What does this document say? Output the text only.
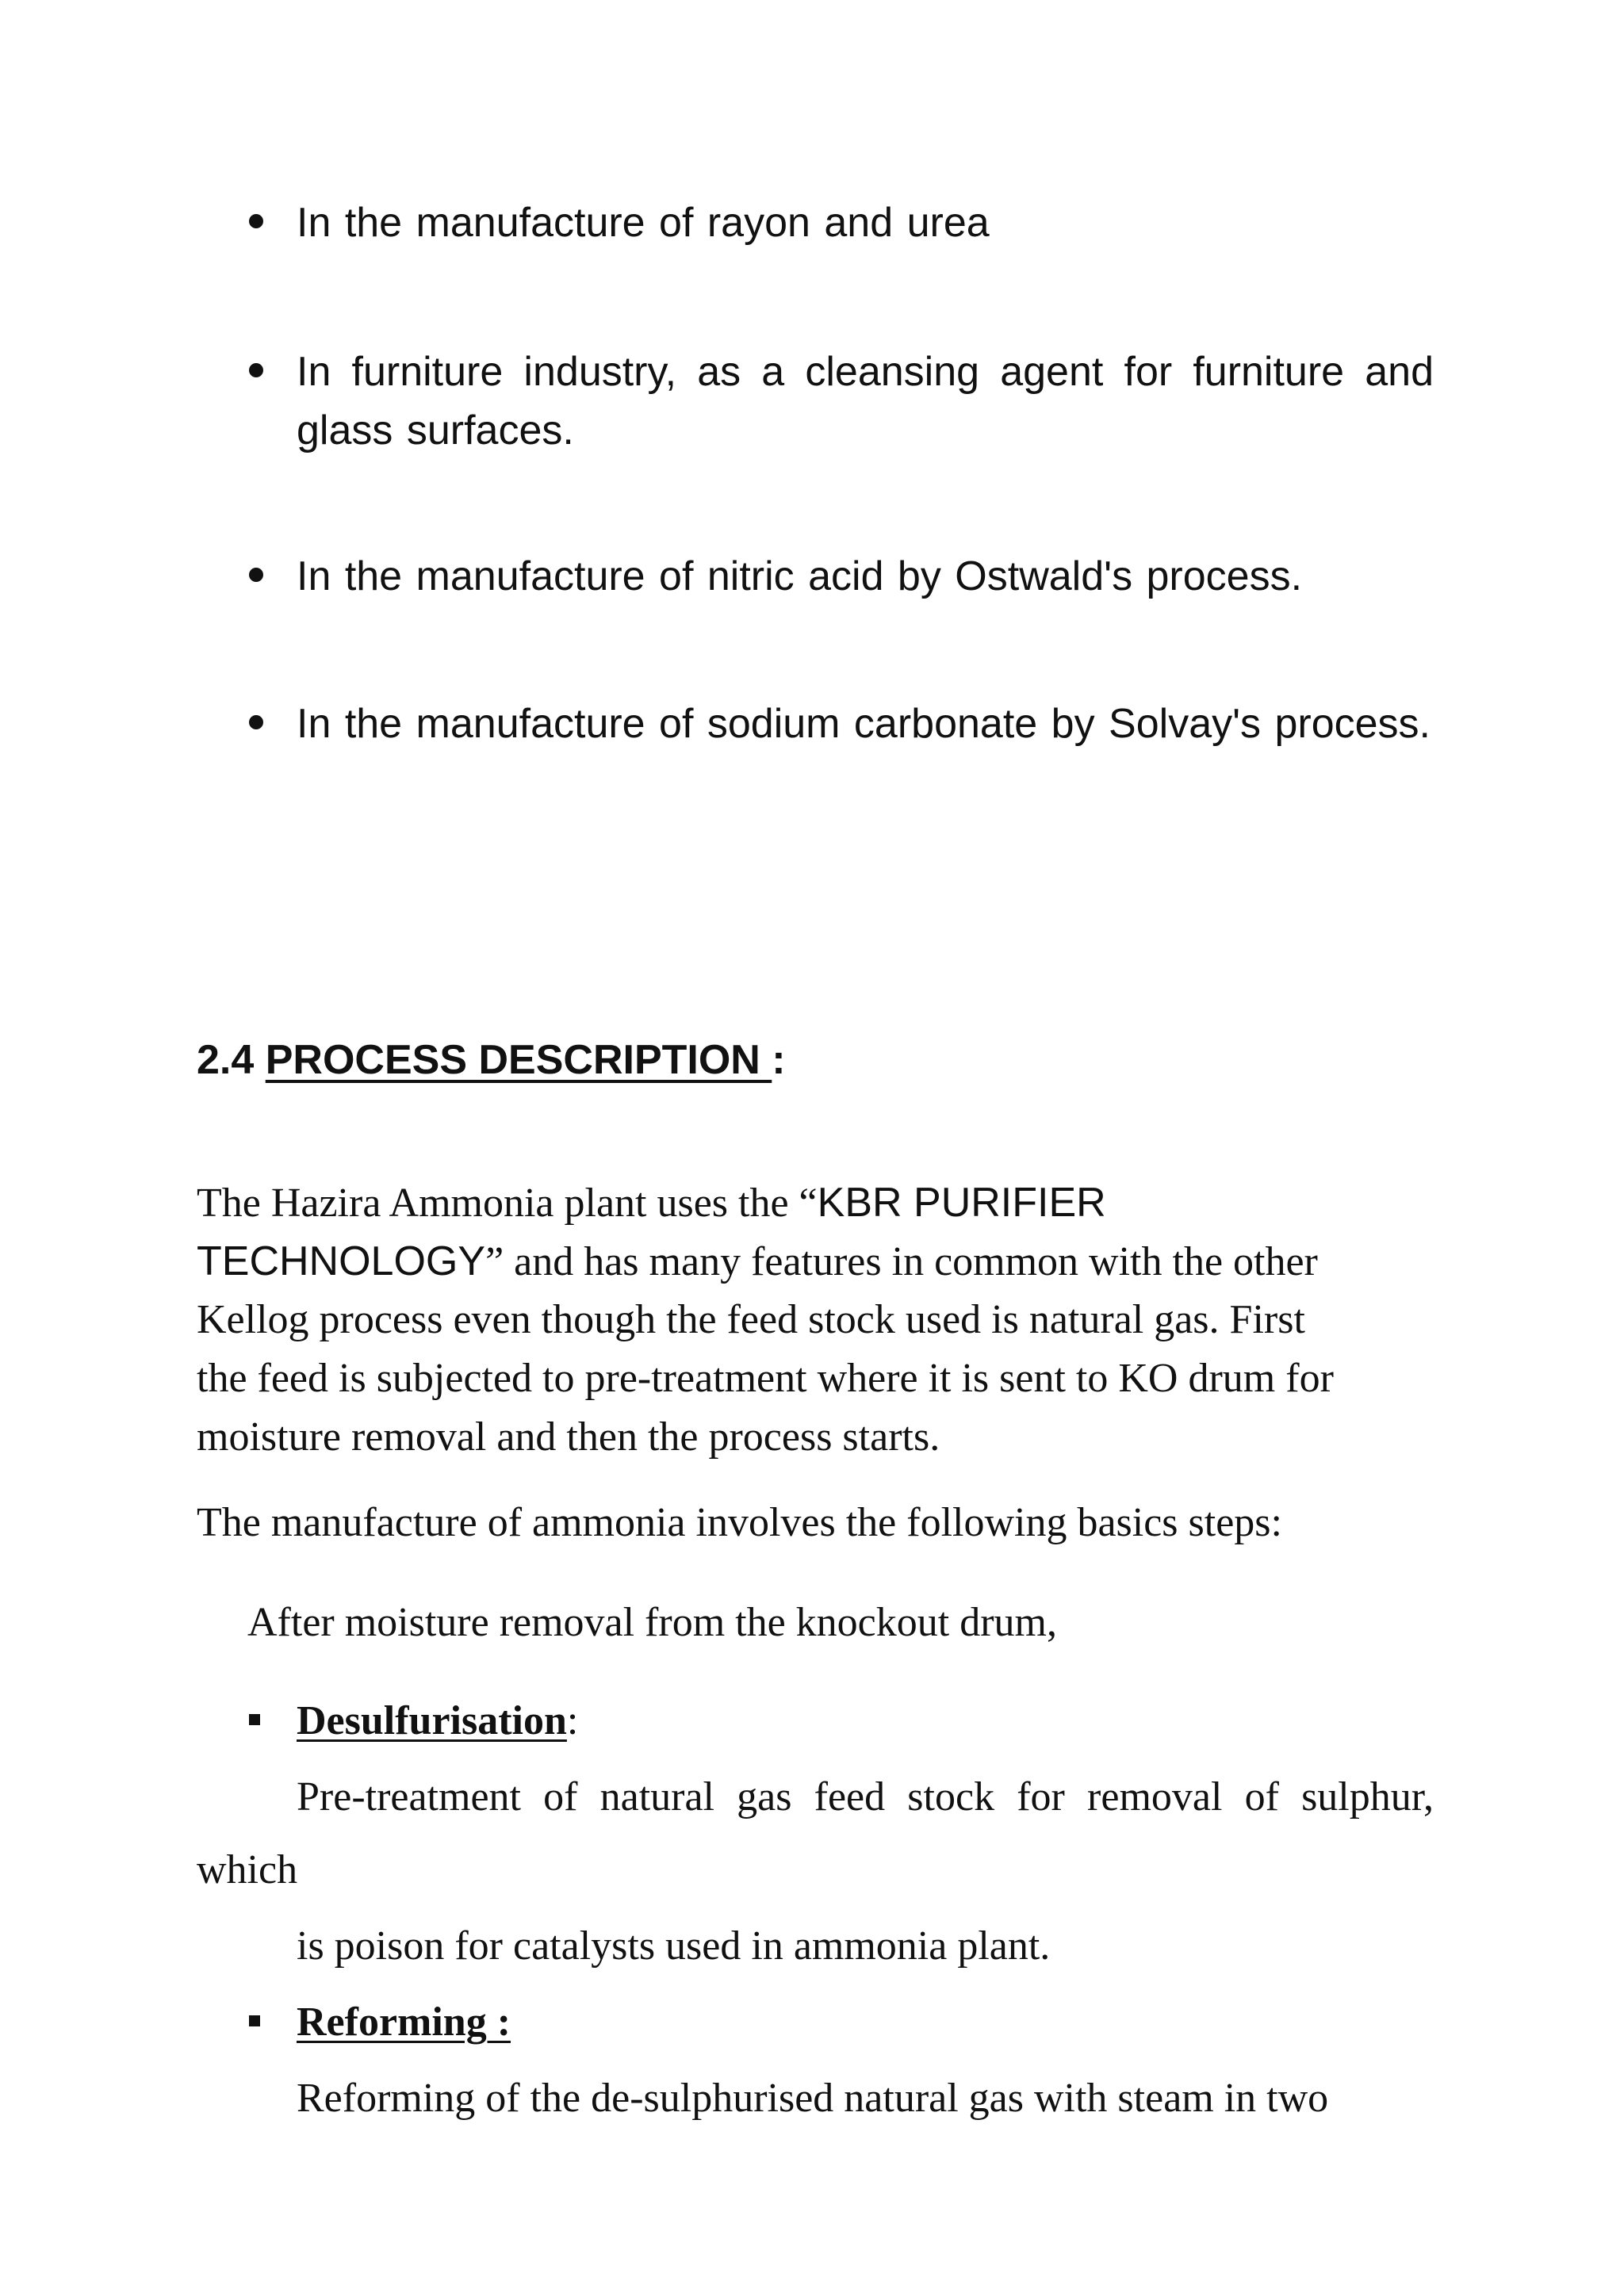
In the manufacture of rayon and urea
In furniture industry, as a cleansing agent for furniture and glass surfaces.
In the manufacture of nitric acid by Ostwald's process.
In the manufacture of sodium carbonate by Solvay's process.
2.4 PROCESS DESCRIPTION :
The Hazira Ammonia plant uses the “KBR PURIFIER
TECHNOLOGY” and has many features in common with the other
Kellog process even though the feed stock used is natural gas. First
the feed is subjected to pre-treatment where it is sent to KO drum for
moisture removal and then the process starts.
The manufacture of ammonia involves the following basics steps:
After moisture removal from the knockout drum,
Desulfurisation:
Pre-treatment of natural gas feed stock for removal of sulphur,
which
is poison for catalysts used in ammonia plant.
Reforming :
Reforming of the de-sulphurised natural gas with steam in two
